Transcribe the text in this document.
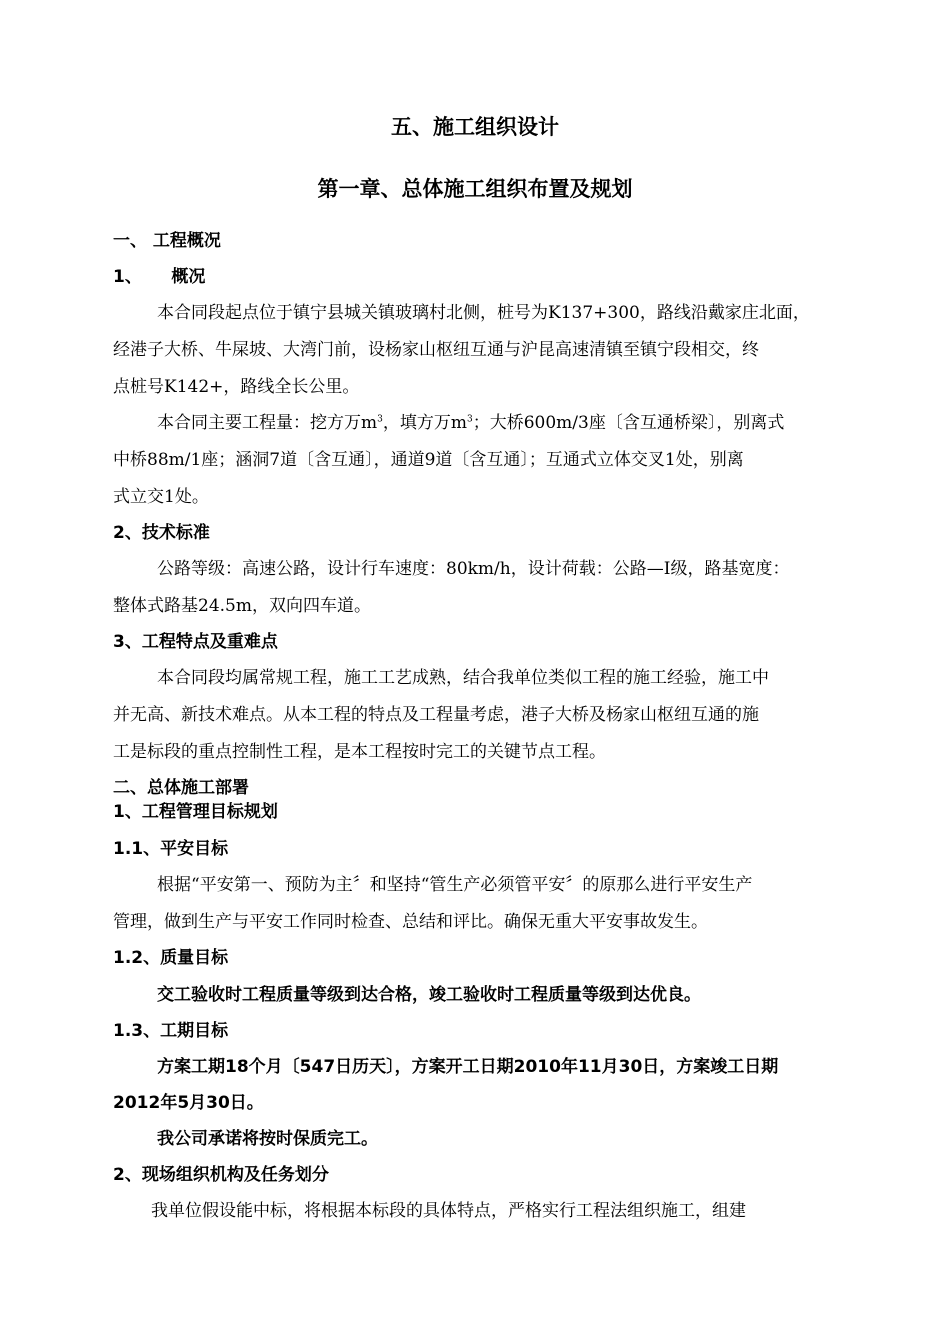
五、施工组织设计
第一章、总体施工组织布置及规划
一、 工程概况
1、     概况
本合同段起点位于镇宁县城关镇玻璃村北侧，桩号为K137+300，路线沿戴家庄北面，
经港子大桥、牛屎坡、大湾门前，设杨家山枢纽互通与沪昆高速清镇至镇宁段相交，终
点桩号K142+，路线全长公里。
本合同主要工程量：挖方万$m^3$，填方万$m^3$；大桥600m/3座〔含互通桥梁〕，别离式
中桥88m/1座；涵洞7道〔含互通〕，通道9道〔含互通〕；互通式立体交叉1处，别离
式立交1处。
2、技术标准
公路等级：高速公路，设计行车速度：80km/h，设计荷载：公路—I级，路基宽度：
整体式路基24.5m，双向四车道。
3、工程特点及重难点
本合同段均属常规工程，施工工艺成熟，结合我单位类似工程的施工经验，施工中
并无高、新技术难点。从本工程的特点及工程量考虑，港子大桥及杨家山枢纽互通的施
工是标段的重点控制性工程，是本工程按时完工的关键节点工程。
二、总体施工部署
1、工程管理目标规划
1.1、平安目标
根据“平安第一、预防为主〞和坚持“管生产必须管平安〞的原那么进行平安生产
管理，做到生产与平安工作同时检查、总结和评比。确保无重大平安事故发生。
1.2、质量目标
交工验收时工程质量等级到达合格，竣工验收时工程质量等级到达优良。
1.3、工期目标
方案工期18个月〔547日历天〕，方案开工日期2010年11月30日，方案竣工日期
2012年5月30日。
我公司承诺将按时保质完工。
2、现场组织机构及任务划分
我单位假设能中标，将根据本标段的具体特点，严格实行工程法组织施工，组建
